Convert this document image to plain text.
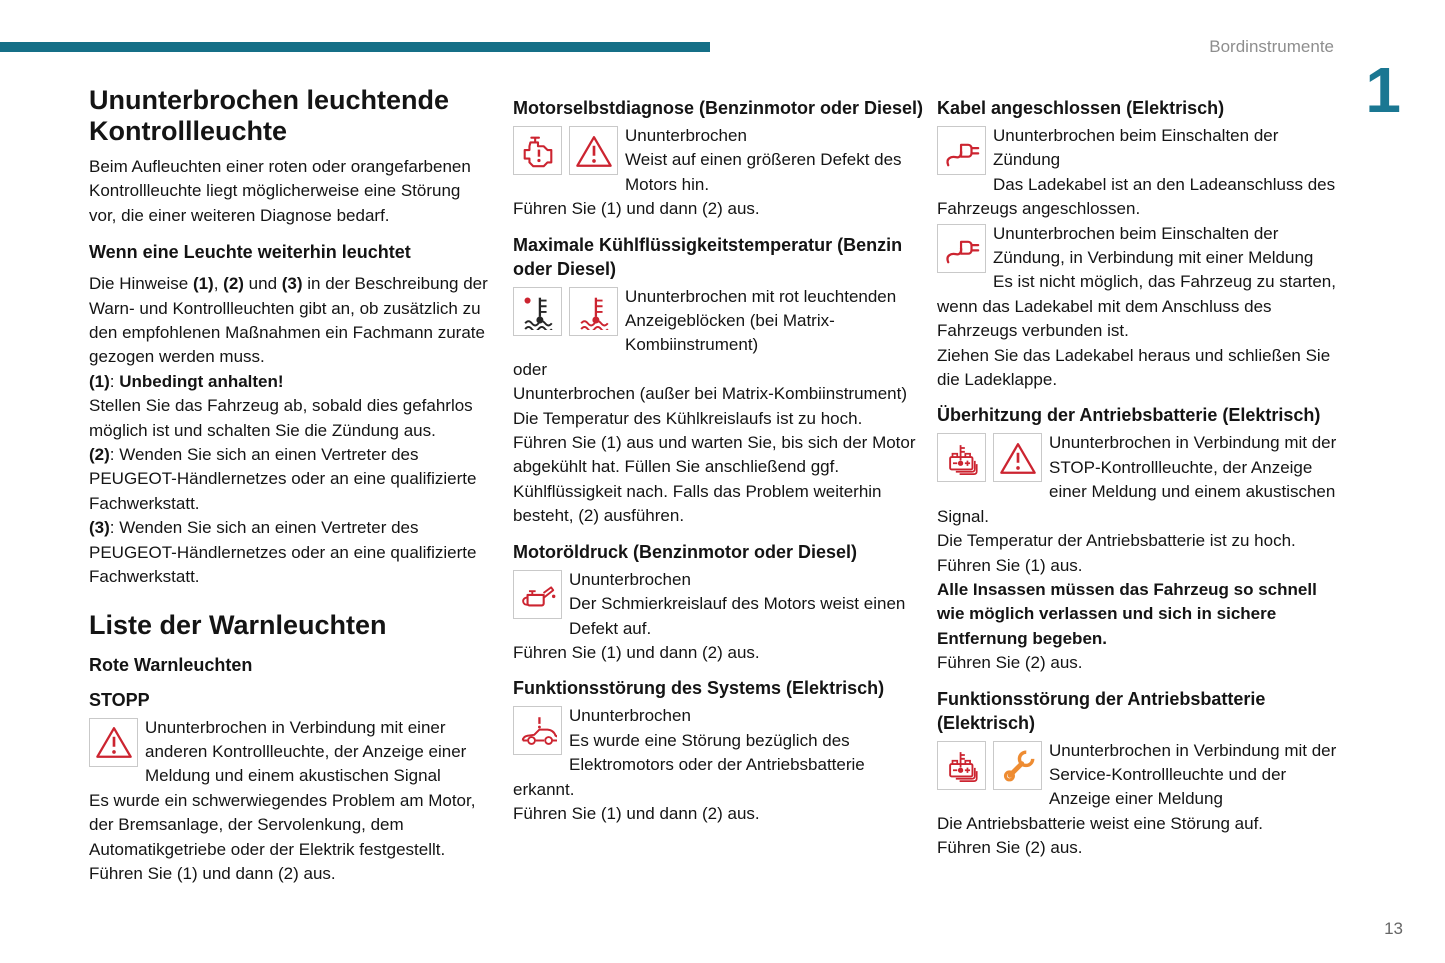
Bordinstrumente
1
13
Ununterbrochen leuchtende Kontrollleuchte

Beim Aufleuchten einer roten oder orangefarbenen Kontrollleuchte liegt möglicherweise eine Störung vor, die einer weiteren Diagnose bedarf.

Wenn eine Leuchte weiterhin leuchtet

Die Hinweise (1), (2) und (3) in der Beschreibung der Warn- und Kontrollleuchten gibt an, ob zusätzlich zu den empfohlenen Maßnahmen ein Fachmann zurate gezogen werden muss.

(1): Unbedingt anhalten!

Stellen Sie das Fahrzeug ab, sobald dies gefahrlos möglich ist und schalten Sie die Zündung aus.

(2): Wenden Sie sich an einen Vertreter des PEUGEOT-Händlernetzes oder an eine qualifizierte Fachwerkstatt.

(3): Wenden Sie sich an einen Vertreter des PEUGEOT-Händlernetzes oder an eine qualifizierte Fachwerkstatt.

Liste der Warnleuchten
Rote Warnleuchten
STOPP

Ununterbrochen in Verbindung mit einer anderen Kontrollleuchte, der Anzeige einer Meldung und einem akustischen Signal

Es wurde ein schwerwiegendes Problem am Motor, der Bremsanlage, der Servolenkung, dem Automatikgetriebe oder der Elektrik festgestellt.

Führen Sie (1) und dann (2) aus.

Motorselbstdiagnose (Benzinmotor oder Diesel)

Ununterbrochen

Weist auf einen größeren Defekt des Motors hin.

Führen Sie (1) und dann (2) aus.

Maximale Kühlflüssigkeitstemperatur (Benzin oder Diesel)

Ununterbrochen mit rot leuchtenden Anzeigeblöcken (bei Matrix-Kombiinstrument)

oder

Ununterbrochen (außer bei Matrix-Kombiinstrument)

Die Temperatur des Kühlkreislaufs ist zu hoch.

Führen Sie (1) aus und warten Sie, bis sich der Motor abgekühlt hat. Füllen Sie anschließend ggf. Kühlflüssigkeit nach. Falls das Problem weiterhin besteht, (2) ausführen.

Motoröldruck (Benzinmotor oder Diesel)

Ununterbrochen

Der Schmierkreislauf des Motors weist einen Defekt auf.

Führen Sie (1) und dann (2) aus.

Funktionsstörung des Systems (Elektrisch)

Ununterbrochen

Es wurde eine Störung bezüglich des Elektromotors oder der Antriebsbatterie erkannt.

Führen Sie (1) und dann (2) aus.

Kabel angeschlossen (Elektrisch)

Ununterbrochen beim Einschalten der Zündung

Das Ladekabel ist an den Ladeanschluss des Fahrzeugs angeschlossen.

Ununterbrochen beim Einschalten der Zündung, in Verbindung mit einer Meldung

Es ist nicht möglich, das Fahrzeug zu starten, wenn das Ladekabel mit dem Anschluss des Fahrzeugs verbunden ist.

Ziehen Sie das Ladekabel heraus und schließen Sie die Ladeklappe.

Überhitzung der Antriebsbatterie (Elektrisch)

Ununterbrochen in Verbindung mit der STOP-Kontrollleuchte, der Anzeige einer Meldung und einem akustischen Signal.

Die Temperatur der Antriebsbatterie ist zu hoch.

Führen Sie (1) aus.

Alle Insassen müssen das Fahrzeug so schnell wie möglich verlassen und sich in sichere Entfernung begeben.

Führen Sie (2) aus.

Funktionsstörung der Antriebsbatterie (Elektrisch)

Ununterbrochen in Verbindung mit der Service-Kontrollleuchte und der Anzeige einer Meldung

Die Antriebsbatterie weist eine Störung auf.

Führen Sie (2) aus.
